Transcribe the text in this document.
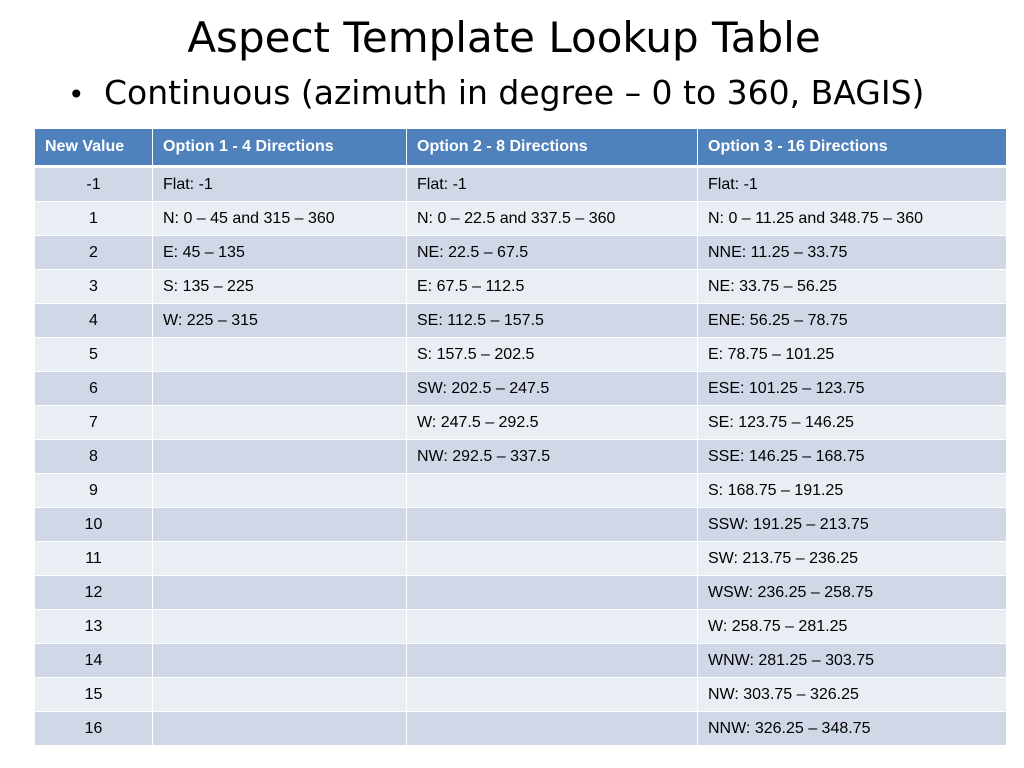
Aspect Template Lookup Table
• Continuous (azimuth in degree – 0 to 360, BAGIS)
New Value	Option 1 - 4 Directions	Option 2 - 8 Directions	Option 3 - 16 Directions
-1	Flat: -1	Flat: -1	Flat: -1
1	N: 0 – 45 and 315 – 360	N: 0 – 22.5 and 337.5 – 360	N: 0 – 11.25 and 348.75 – 360
2	E: 45 – 135	NE: 22.5 – 67.5	NNE: 11.25 – 33.75
3	S: 135 – 225	E: 67.5 – 112.5	NE: 33.75 – 56.25
4	W: 225 – 315	SE: 112.5 – 157.5	ENE: 56.25 – 78.75
5		S: 157.5 – 202.5	E: 78.75 – 101.25
6		SW: 202.5 – 247.5	ESE: 101.25 – 123.75
7		W: 247.5 – 292.5	SE: 123.75 – 146.25
8		NW: 292.5 – 337.5	SSE: 146.25 – 168.75
9			S: 168.75 – 191.25
10			SSW: 191.25 – 213.75
11			SW: 213.75 – 236.25
12			WSW: 236.25 – 258.75
13			W: 258.75 – 281.25
14			WNW: 281.25 – 303.75
15			NW: 303.75 – 326.25
16			NNW: 326.25 – 348.75
